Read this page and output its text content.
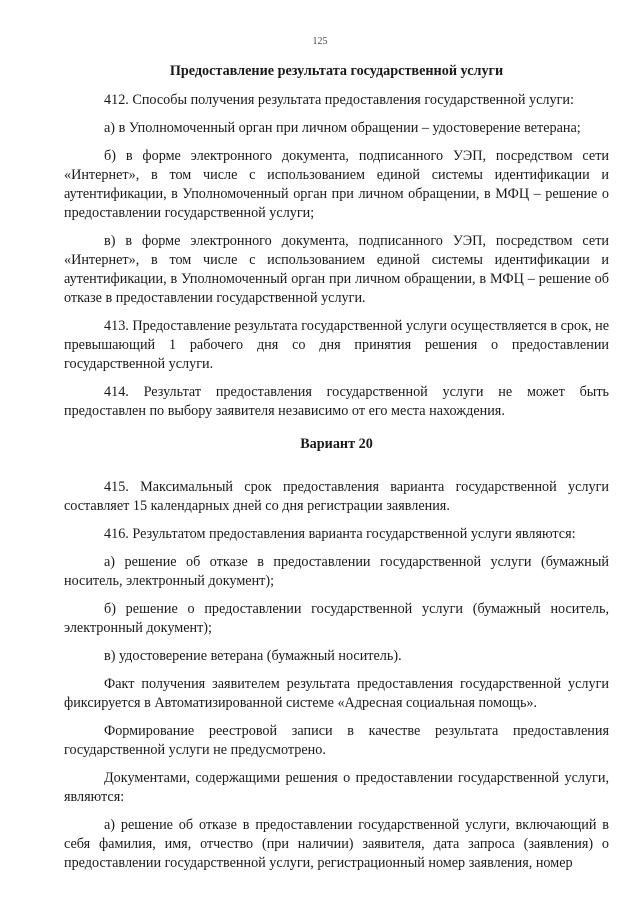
125
Предоставление результата государственной услуги

412. Способы получения результата предоставления государственной услуги:

а) в Уполномоченный орган при личном обращении – удостоверение ветерана;

б) в форме электронного документа, подписанного УЭП, посредством сети «Интернет», в том числе с использованием единой системы идентификации и аутентификации, в Уполномоченный орган при личном обращении, в МФЦ – решение о предоставлении государственной услуги;

в) в форме электронного документа, подписанного УЭП, посредством сети «Интернет», в том числе с использованием единой системы идентификации и аутентификации, в Уполномоченный орган при личном обращении, в МФЦ – решение об отказе в предоставлении государственной услуги.

413. Предоставление результата государственной услуги осуществляется в срок, не превышающий 1 рабочего дня со дня принятия решения о предоставлении государственной услуги.

414. Результат предоставления государственной услуги не может быть предоставлен по выбору заявителя независимо от его места нахождения.

Вариант 20

415. Максимальный срок предоставления варианта государственной услуги составляет 15 календарных дней со дня регистрации заявления.

416. Результатом предоставления варианта государственной услуги являются:

а) решение об отказе в предоставлении государственной услуги (бумажный носитель, электронный документ);

б) решение о предоставлении государственной услуги (бумажный носитель, электронный документ);

в) удостоверение ветерана (бумажный носитель).

Факт получения заявителем результата предоставления государственной услуги фиксируется в Автоматизированной системе «Адресная социальная помощь».

Формирование реестровой записи в качестве результата предоставления государственной услуги не предусмотрено.

Документами, содержащими решения о предоставлении государственной услуги, являются:

а) решение об отказе в предоставлении государственной услуги, включающий в себя фамилия, имя, отчество (при наличии) заявителя, дата запроса (заявления) о предоставлении государственной услуги, регистрационный номер заявления, номер
